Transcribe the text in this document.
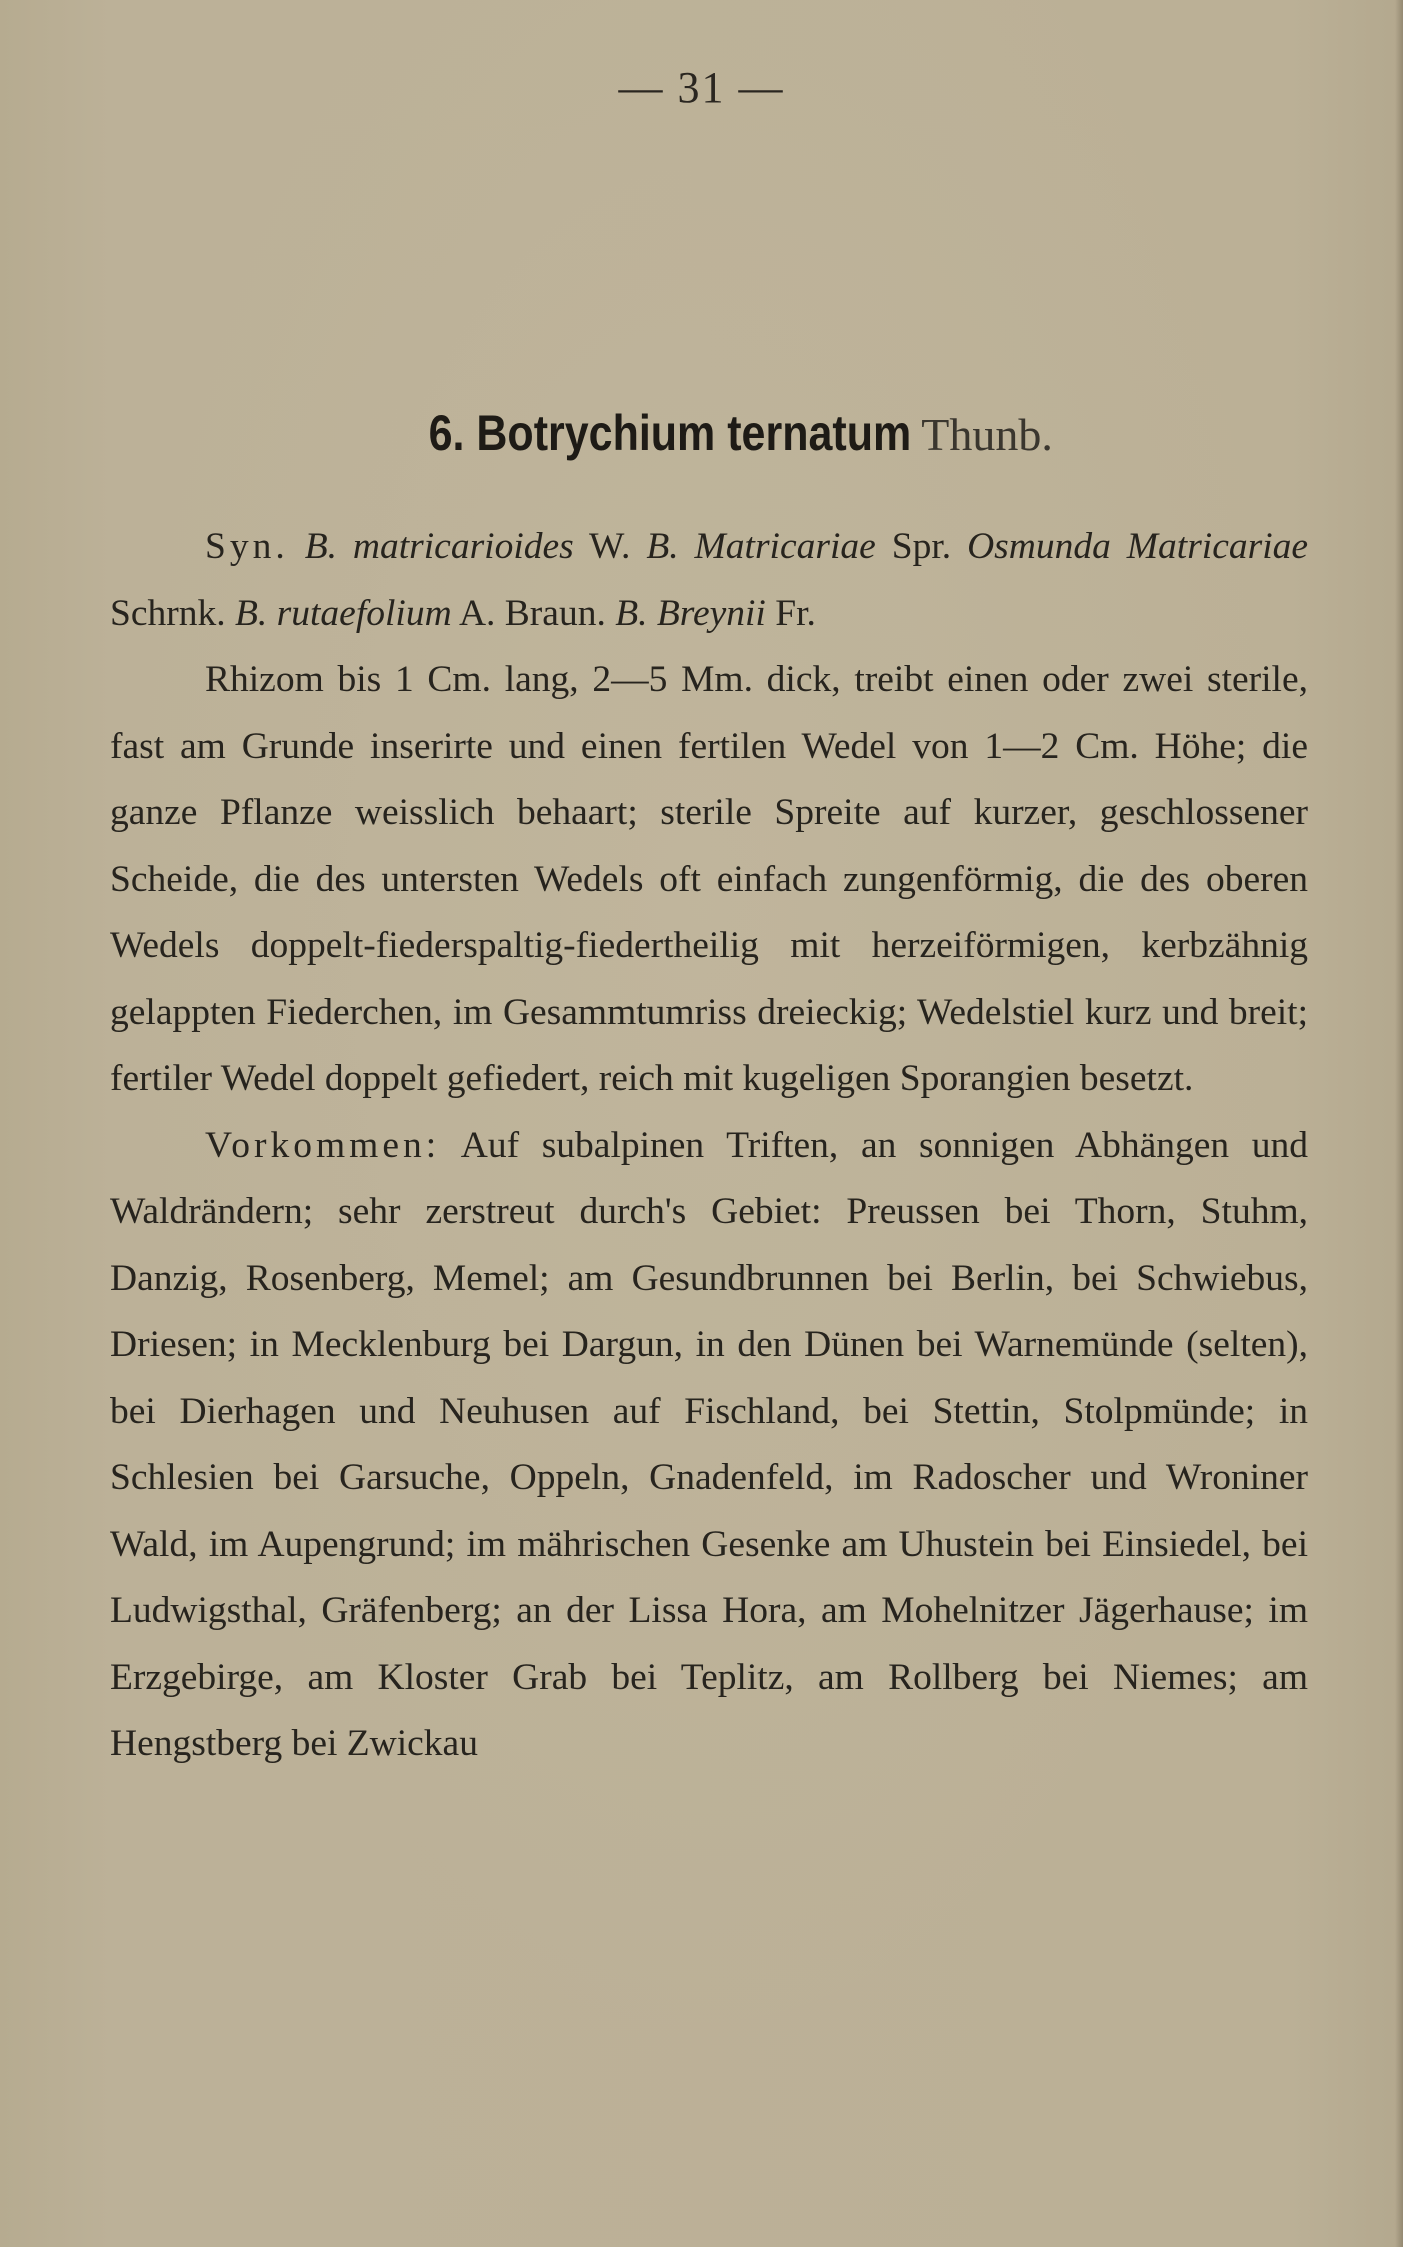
— 31 —
6. Botrychium ternatum Thunb.

Syn. B. matricarioides W. B. Matricariae Spr. Osmunda Matricariae Schrnk. B. rutaefolium A. Braun. B. Breynii Fr.

Rhizom bis 1 Cm. lang, 2—5 Mm. dick, treibt einen oder zwei sterile, fast am Grunde inserirte und einen fertilen Wedel von 1—2 Cm. Höhe; die ganze Pflanze weisslich behaart; sterile Spreite auf kurzer, geschlossener Scheide, die des untersten Wedels oft einfach zungenförmig, die des oberen Wedels doppelt-fiederspaltig-fiedertheilig mit herzeiförmigen, kerbzähnig gelappten Fiederchen, im Gesammtumriss dreieckig; Wedelstiel kurz und breit; fertiler Wedel doppelt gefiedert, reich mit kugeligen Sporangien besetzt.

Vorkommen: Auf subalpinen Triften, an sonnigen Abhängen und Waldrändern; sehr zerstreut durch's Gebiet: Preussen bei Thorn, Stuhm, Danzig, Rosenberg, Memel; am Gesundbrunnen bei Berlin, bei Schwiebus, Driesen; in Mecklenburg bei Dargun, in den Dünen bei Warnemünde (selten), bei Dierhagen und Neuhusen auf Fischland, bei Stettin, Stolpmünde; in Schlesien bei Garsuche, Oppeln, Gnadenfeld, im Radoscher und Wroniner Wald, im Aupengrund; im mährischen Gesenke am Uhustein bei Einsiedel, bei Ludwigsthal, Gräfenberg; an der Lissa Hora, am Mohelnitzer Jägerhause; im Erzgebirge, am Kloster Grab bei Teplitz, am Rollberg bei Niemes; am Hengstberg bei Zwickau
